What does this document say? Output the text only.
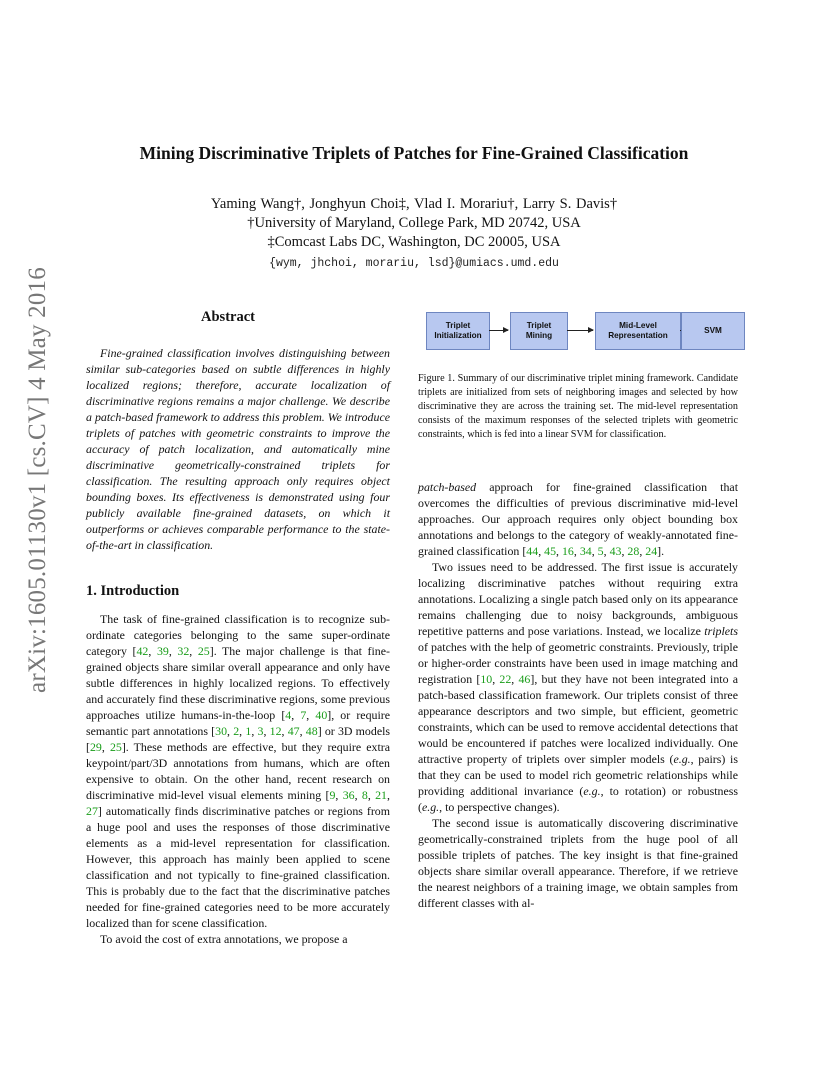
arXiv:1605.01130v1 [cs.CV] 4 May 2016
Mining Discriminative Triplets of Patches for Fine-Grained Classification
Yaming Wang†, Jonghyun Choi‡, Vlad I. Morariu†, Larry S. Davis†
†University of Maryland, College Park, MD 20742, USA
‡Comcast Labs DC, Washington, DC 20005, USA
{wym, jhchoi, morariu, lsd}@umiacs.umd.edu
Abstract

Fine-grained classification involves distinguishing between similar sub-categories based on subtle differences in highly localized regions; therefore, accurate localization of discriminative regions remains a major challenge. We describe a patch-based framework to address this problem. We introduce triplets of patches with geometric constraints to improve the accuracy of patch localization, and automatically mine discriminative geometrically-constrained triplets for classification. The resulting approach only requires object bounding boxes. Its effectiveness is demonstrated using four publicly available fine-grained datasets, on which it outperforms or achieves comparable performance to the state-of-the-art in classification.

1. Introduction

The task of fine-grained classification is to recognize sub-ordinate categories belonging to the same super-ordinate category [42, 39, 32, 25]. The major challenge is that fine-grained objects share similar overall appearance and only have subtle differences in highly localized regions. To effectively and accurately find these discriminative regions, some previous approaches utilize humans-in-the-loop [4, 7, 40], or require semantic part annotations [30, 2, 1, 3, 12, 47, 48] or 3D models [29, 25]. These methods are effective, but they require extra keypoint/part/3D annotations from humans, which are often expensive to obtain. On the other hand, recent research on discriminative mid-level visual elements mining [9, 36, 8, 21, 27] automatically finds discriminative patches or regions from a huge pool and uses the responses of those discriminative elements as a mid-level representation for classification. However, this approach has mainly been applied to scene classification and not typically to fine-grained classification. This is probably due to the fact that the discriminative patches needed for fine-grained categories need to be more accurately localized than for scene classification.

To avoid the cost of extra annotations, we propose a

Triplet
Initialization
Triplet
Mining
Mid-Level
Representation
SVM

Figure 1. Summary of our discriminative triplet mining framework. Candidate triplets are initialized from sets of neighboring images and selected by how discriminative they are across the training set. The mid-level representation consists of the maximum responses of the selected triplets with geometric constraints, which is fed into a linear SVM for classification.

patch-based approach for fine-grained classification that overcomes the difficulties of previous discriminative mid-level approaches. Our approach requires only object bounding box annotations and belongs to the category of weakly-annotated fine-grained classification [44, 45, 16, 34, 5, 43, 28, 24].

Two issues need to be addressed. The first issue is accurately localizing discriminative patches without requiring extra annotations. Localizing a single patch based only on its appearance remains challenging due to noisy backgrounds, ambiguous repetitive patterns and pose variations. Instead, we localize triplets of patches with the help of geometric constraints. Previously, triple or higher-order constraints have been used in image matching and registration [10, 22, 46], but they have not been integrated into a patch-based classification framework. Our triplets consist of three appearance descriptors and two simple, but efficient, geometric constraints, which can be used to remove accidental detections that would be encountered if patches were localized individually. One attractive property of triplets over simpler models (e.g., pairs) is that they can be used to model rich geometric relationships while providing additional invariance (e.g., to rotation) or robustness (e.g., to perspective changes).

The second issue is automatically discovering discriminative geometrically-constrained triplets from the huge pool of all possible triplets of patches. The key insight is that fine-grained objects share similar overall appearance. Therefore, if we retrieve the nearest neighbors of a training image, we obtain samples from different classes with al-
